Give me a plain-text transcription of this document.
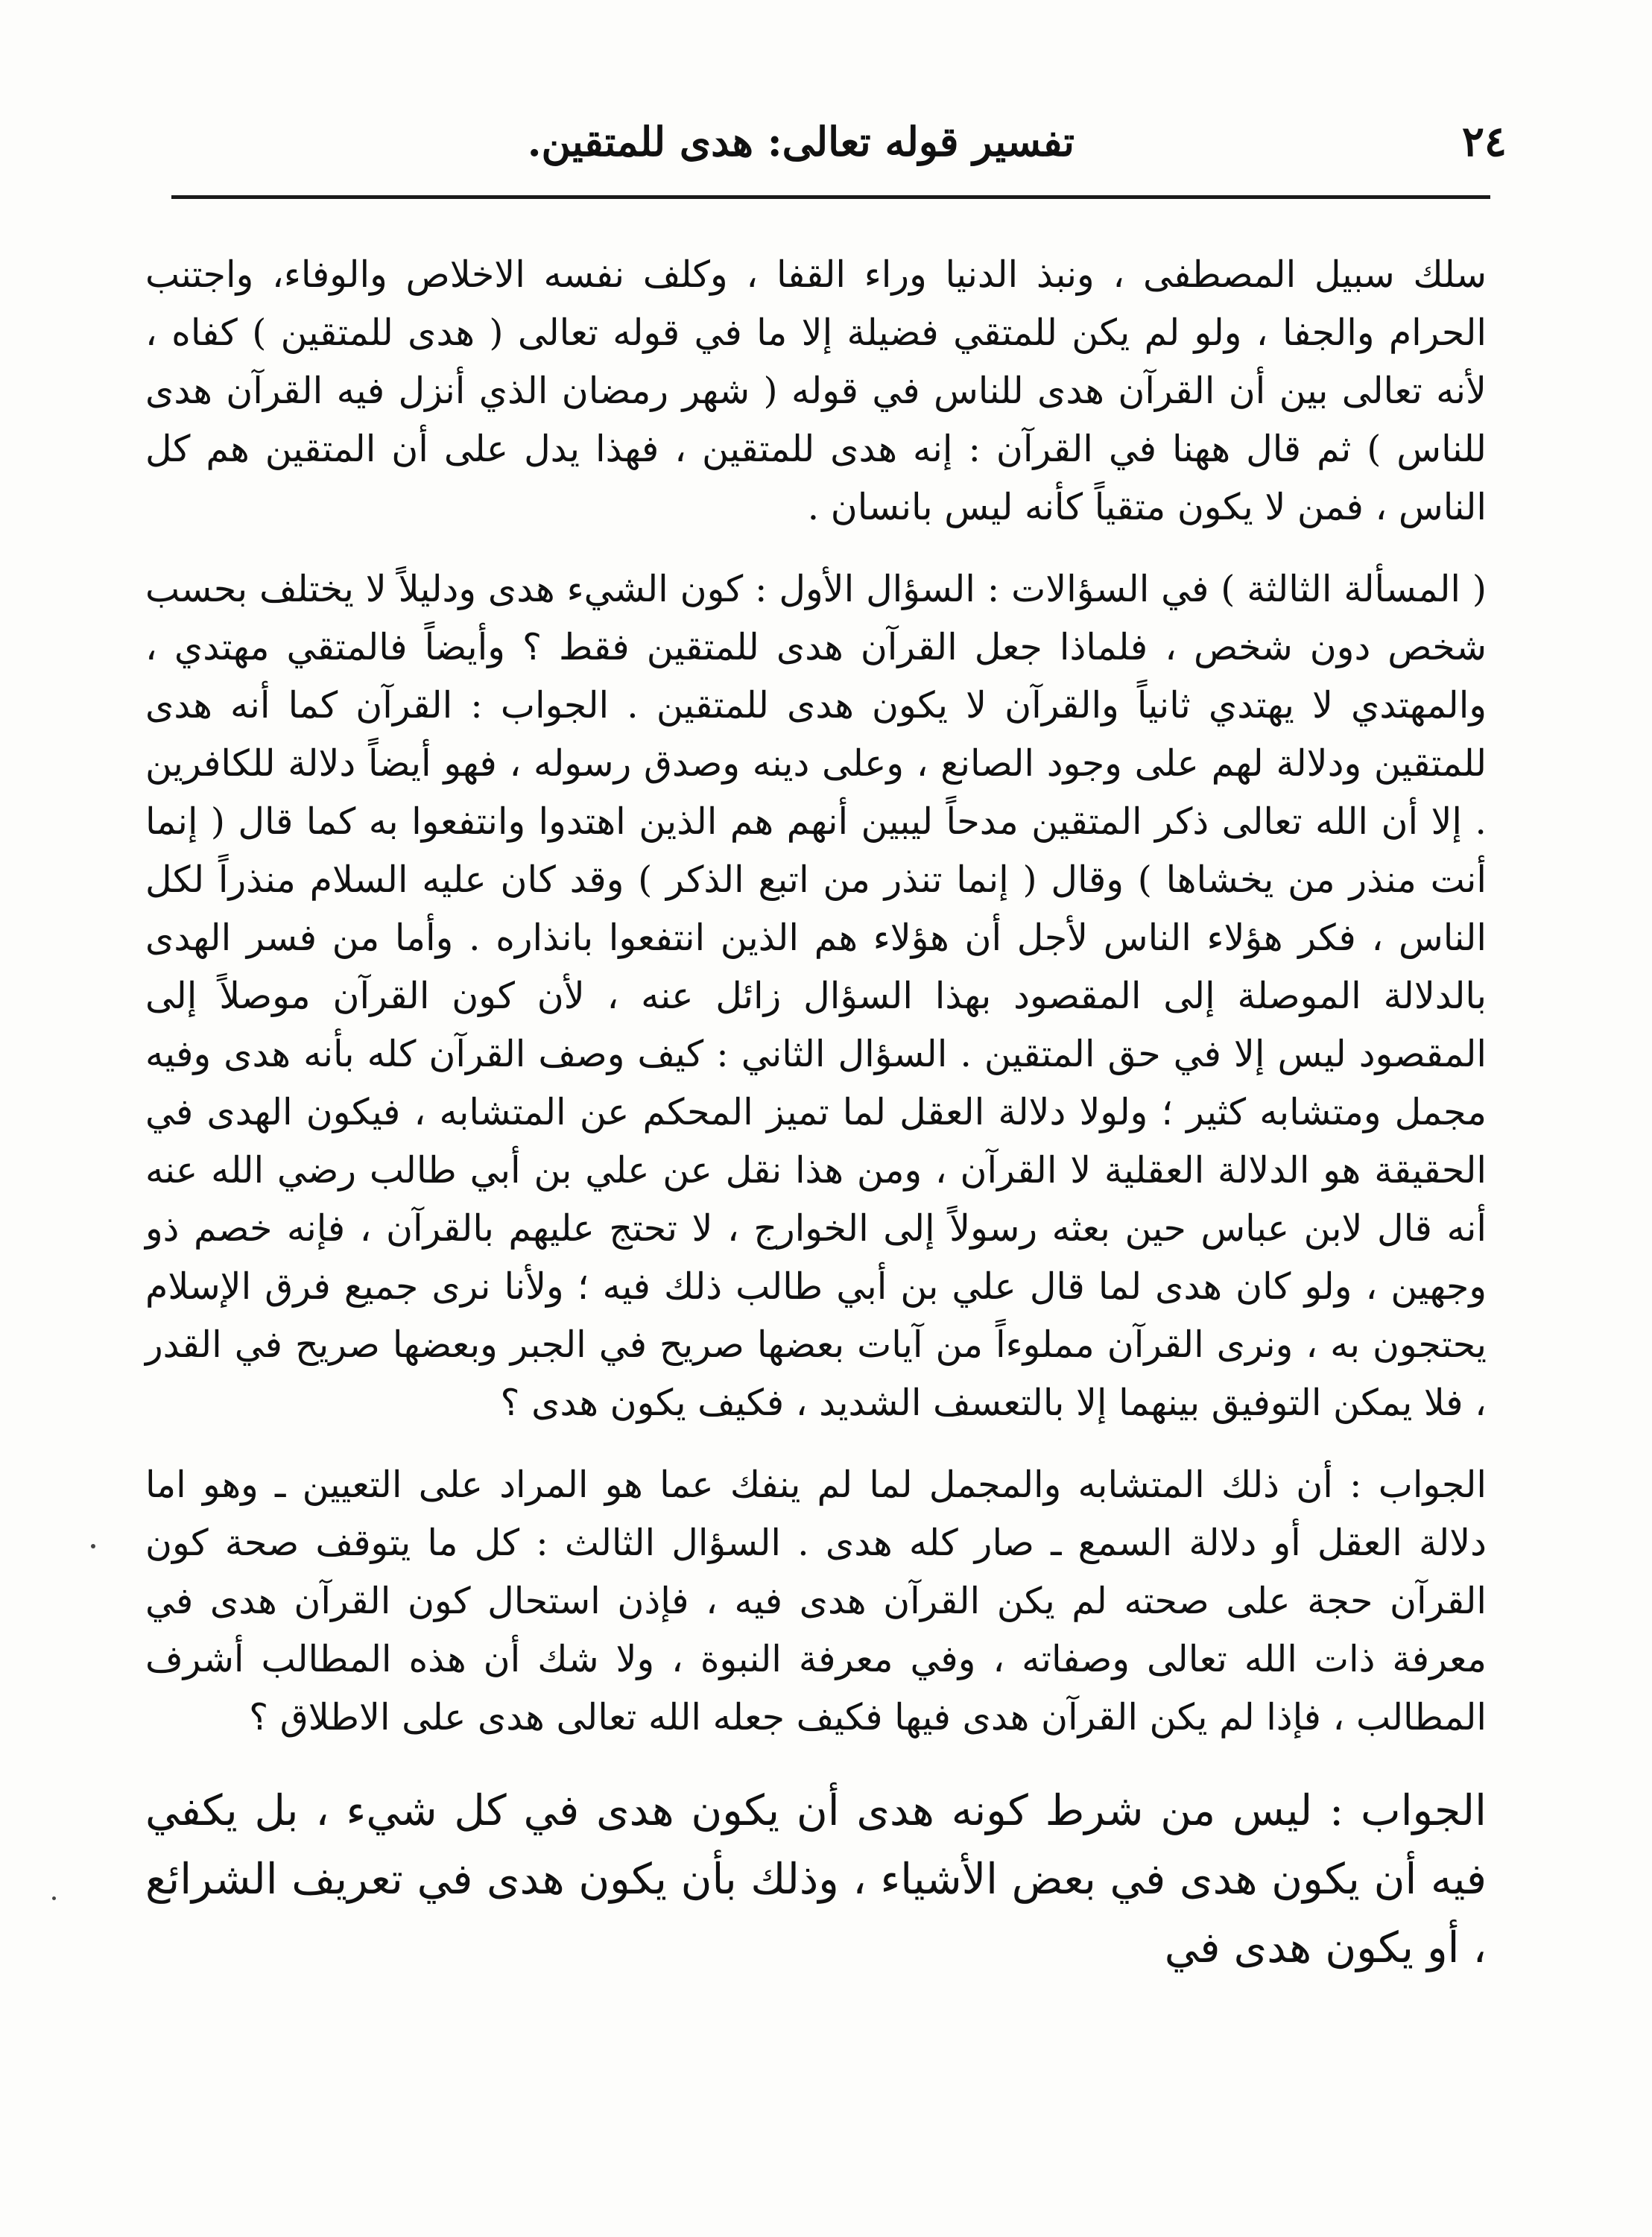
٢٤
تفسير قوله تعالى: هدى للمتقين.

سلك سبيل المصطفى ، ونبذ الدنيا وراء القفا ، وكلف نفسه الاخلاص والوفاء، واجتنب الحرام والجفا ، ولو لم يكن للمتقي فضيلة إلا ما في قوله تعالى ( هدى للمتقين ) كفاه ، لأنه تعالى بين أن القرآن هدى للناس في قوله ( شهر رمضان الذي أنزل فيه القرآن هدى للناس ) ثم قال ههنا في القرآن : إنه هدى للمتقين ، فهذا يدل على أن المتقين هم كل الناس ، فمن لا يكون متقياً كأنه ليس بانسان .

( المسألة الثالثة ) في السؤالات : السؤال الأول : كون الشيء هدى ودليلاً لا يختلف بحسب شخص دون شخص ، فلماذا جعل القرآن هدى للمتقين فقط ؟ وأيضاً فالمتقي مهتدي ، والمهتدي لا يهتدي ثانياً والقرآن لا يكون هدى للمتقين . الجواب : القرآن كما أنه هدى للمتقين ودلالة لهم على وجود الصانع ، وعلى دينه وصدق رسوله ، فهو أيضاً دلالة للكافرين . إلا أن الله تعالى ذكر المتقين مدحاً ليبين أنهم هم الذين اهتدوا وانتفعوا به كما قال ( إنما أنت منذر من يخشاها ) وقال ( إنما تنذر من اتبع الذكر ) وقد كان عليه السلام منذراً لكل الناس ، فكر هؤلاء الناس لأجل أن هؤلاء هم الذين انتفعوا بانذاره . وأما من فسر الهدى بالدلالة الموصلة إلى المقصود بهذا السؤال زائل عنه ، لأن كون القرآن موصلاً إلى المقصود ليس إلا في حق المتقين . السؤال الثاني : كيف وصف القرآن كله بأنه هدى وفيه مجمل ومتشابه كثير ؛ ولولا دلالة العقل لما تميز المحكم عن المتشابه ، فيكون الهدى في الحقيقة هو الدلالة العقلية لا القرآن ، ومن هذا نقل عن علي بن أبي طالب رضي الله عنه أنه قال لابن عباس حين بعثه رسولاً إلى الخوارج ، لا تحتج عليهم بالقرآن ، فإنه خصم ذو وجهين ، ولو كان هدى لما قال علي بن أبي طالب ذلك فيه ؛ ولأنا نرى جميع فرق الإسلام يحتجون به ، ونرى القرآن مملوءاً من آيات بعضها صريح في الجبر وبعضها صريح في القدر ، فلا يمكن التوفيق بينهما إلا بالتعسف الشديد ، فكيف يكون هدى ؟

الجواب : أن ذلك المتشابه والمجمل لما لم ينفك عما هو المراد على التعيين ـ وهو اما دلالة العقل أو دلالة السمع ـ صار كله هدى . السؤال الثالث : كل ما يتوقف صحة كون القرآن حجة على صحته لم يكن القرآن هدى فيه ، فإذن استحال كون القرآن هدى في معرفة ذات الله تعالى وصفاته ، وفي معرفة النبوة ، ولا شك أن هذه المطالب أشرف المطالب ، فإذا لم يكن القرآن هدى فيها فكيف جعله الله تعالى هدى على الاطلاق ؟

الجواب : ليس من شرط كونه هدى أن يكون هدى في كل شيء ، بل يكفي فيه أن يكون هدى في بعض الأشياء ، وذلك بأن يكون هدى في تعريف الشرائع ، أو يكون هدى في
